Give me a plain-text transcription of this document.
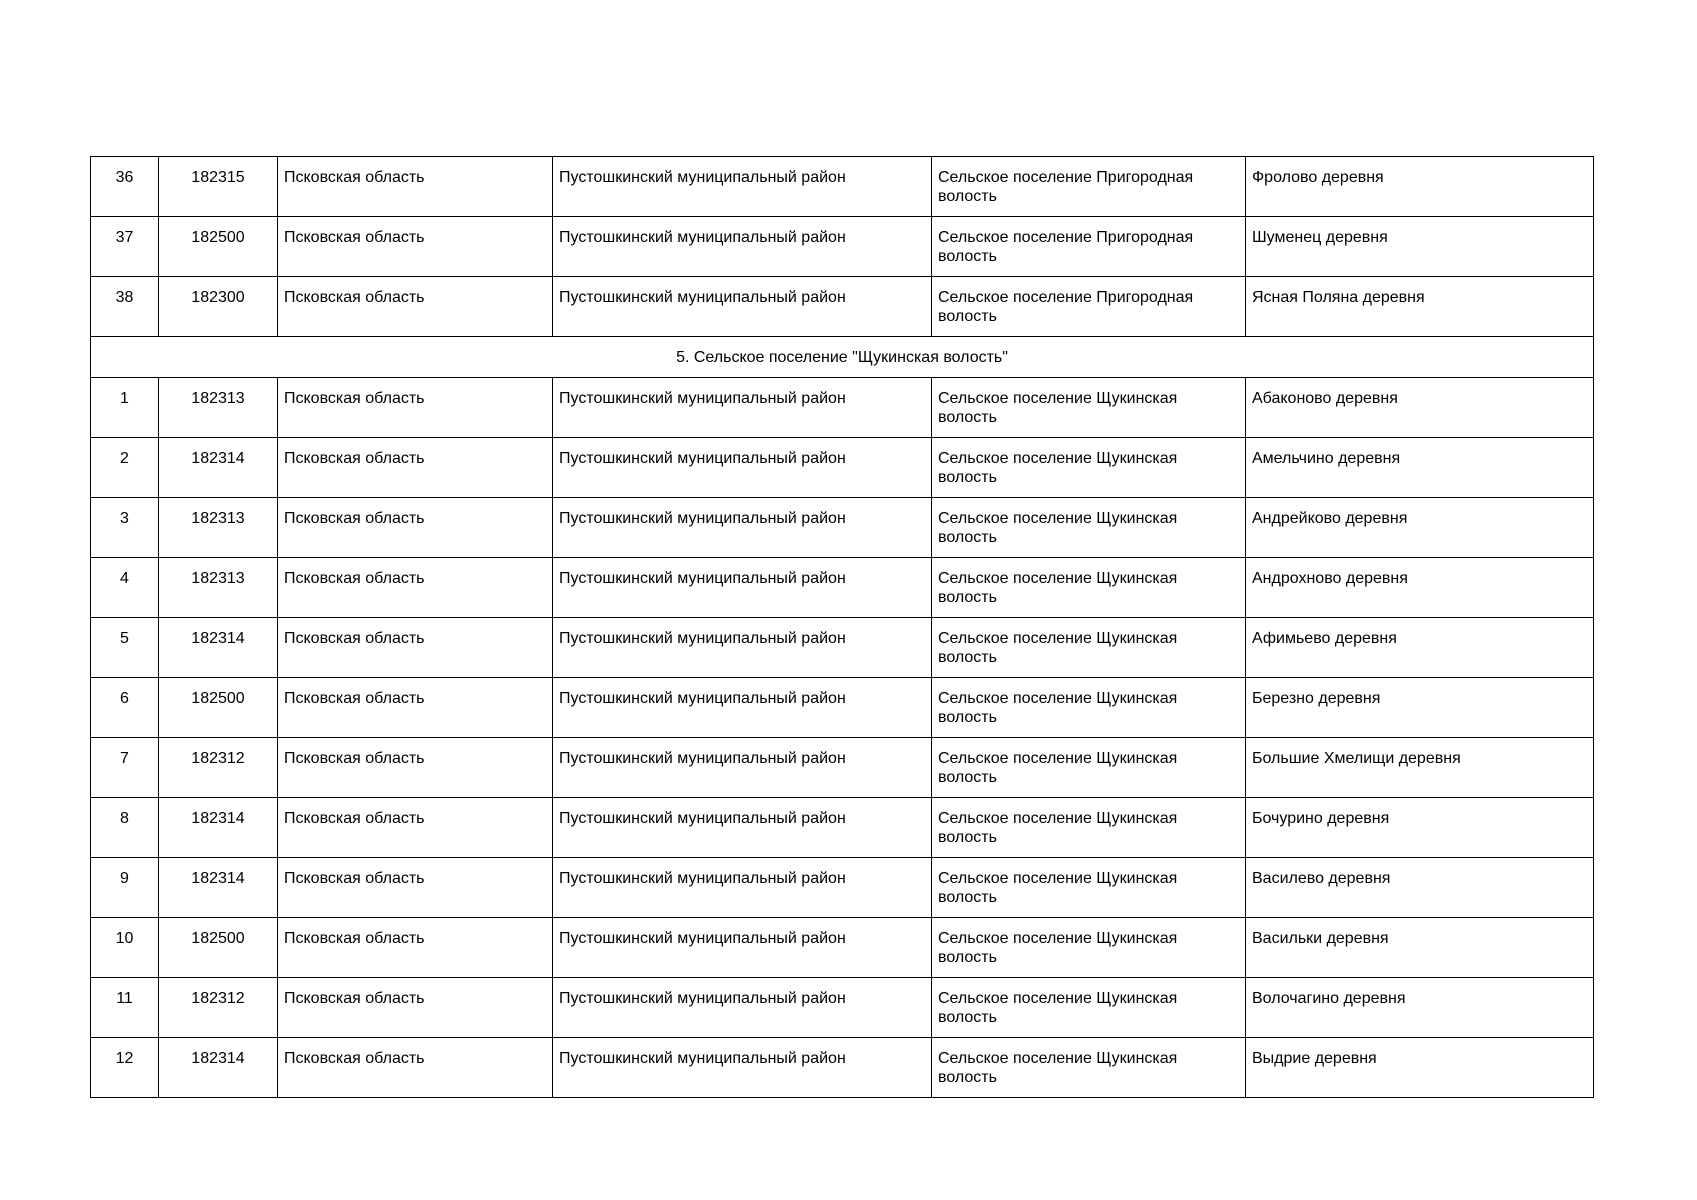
36	182315	Псковская область	Пустошкинский муниципальный район	Сельское поселение Пригородная волость	Фролово деревня
37	182500	Псковская область	Пустошкинский муниципальный район	Сельское поселение Пригородная волость	Шуменец деревня
38	182300	Псковская область	Пустошкинский муниципальный район	Сельское поселение Пригородная волость	Ясная Поляна деревня
5. Сельское поселение "Щукинская волость"					
1	182313	Псковская область	Пустошкинский муниципальный район	Сельское поселение Щукинская волость	Абаконово деревня
2	182314	Псковская область	Пустошкинский муниципальный район	Сельское поселение Щукинская волость	Амельчино деревня
3	182313	Псковская область	Пустошкинский муниципальный район	Сельское поселение Щукинская волость	Андрейково деревня
4	182313	Псковская область	Пустошкинский муниципальный район	Сельское поселение Щукинская волость	Андрохново деревня
5	182314	Псковская область	Пустошкинский муниципальный район	Сельское поселение Щукинская волость	Афимьево деревня
6	182500	Псковская область	Пустошкинский муниципальный район	Сельское поселение Щукинская волость	Березно деревня
7	182312	Псковская область	Пустошкинский муниципальный район	Сельское поселение Щукинская волость	Большие Хмелищи деревня
8	182314	Псковская область	Пустошкинский муниципальный район	Сельское поселение Щукинская волость	Бочурино деревня
9	182314	Псковская область	Пустошкинский муниципальный район	Сельское поселение Щукинская волость	Василево деревня
10	182500	Псковская область	Пустошкинский муниципальный район	Сельское поселение Щукинская волость	Васильки деревня
11	182312	Псковская область	Пустошкинский муниципальный район	Сельское поселение Щукинская волость	Волочагино деревня
12	182314	Псковская область	Пустошкинский муниципальный район	Сельское поселение Щукинская волость	Выдрие деревня
